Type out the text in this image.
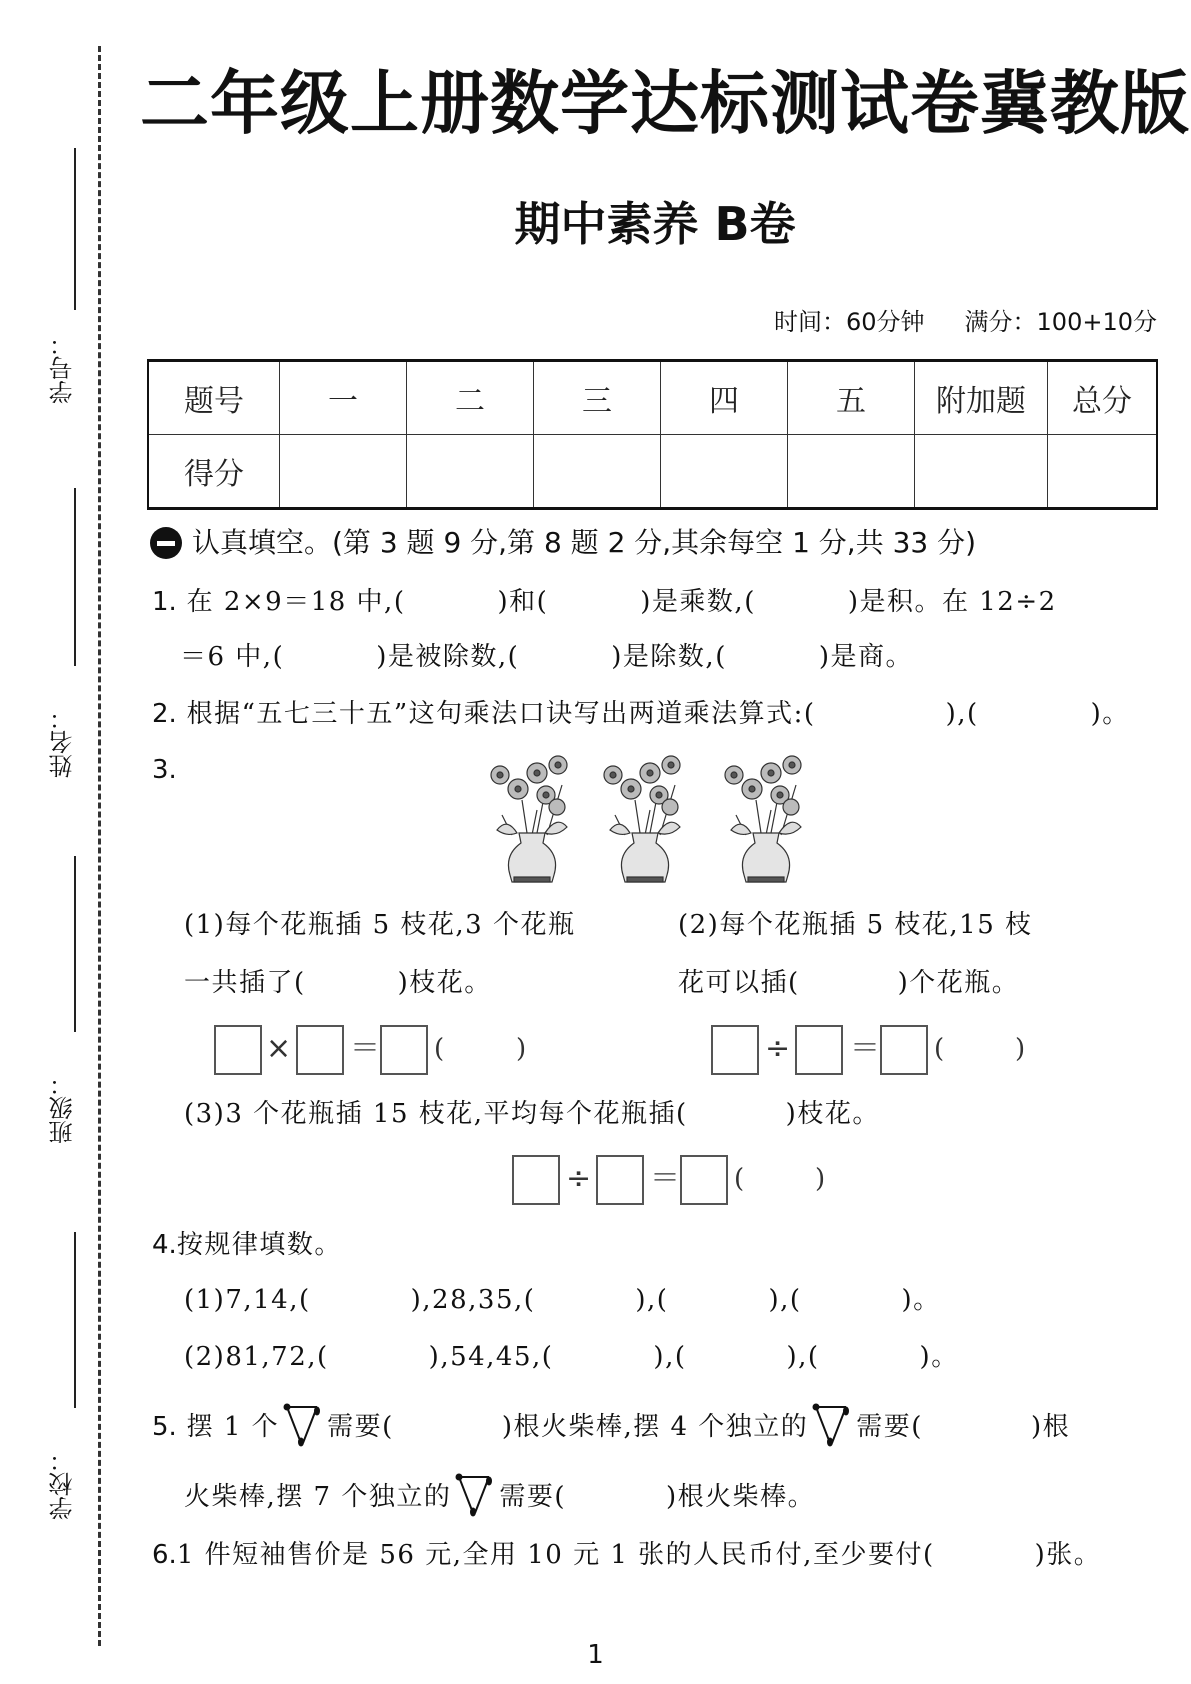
学号：
姓名：
班级：
学校：
二年级上册数学达标测试卷冀教版
期中素养 B卷
时间：60分钟 满分：100+10分
题号	一	二	三	四	五	附加题	总分
得分							
认真填空。(第 3 题 9 分,第 8 题 2 分,其余每空 1 分,共 33 分)
1. 在 2×9＝18 中,(	)和(	)是乘数,(	)是积。在 12÷2
＝6 中,(	)是被除数,(	)是除数,(	)是商。
2. 根据“五七三十五”这句乘法口诀写出两道乘法算式:(	),(	)。
3.
(1)每个花瓶插 5 枝花,3 个花瓶
一共插了(	)枝花。
× ＝ (	)
(2)每个花瓶插 5 枝花,15 枝
花可以插(	)个花瓶。
÷ ＝ (	)
(3)3 个花瓶插 15 枝花,平均每个花瓶插(	)枝花。
÷ ＝ (	)
4.按规律填数。
(1)7,14,(	),28,35,(	),(	),(	)。
(2)81,72,(	),54,45,(	),(	),(	)。
5. 摆 1 个 需要(	)根火柴棒,摆 4 个独立的 需要(	)根
火柴棒,摆 7 个独立的 需要(	)根火柴棒。
6.1 件短袖售价是 56 元,全用 10 元 1 张的人民币付,至少要付(	)张。
1
